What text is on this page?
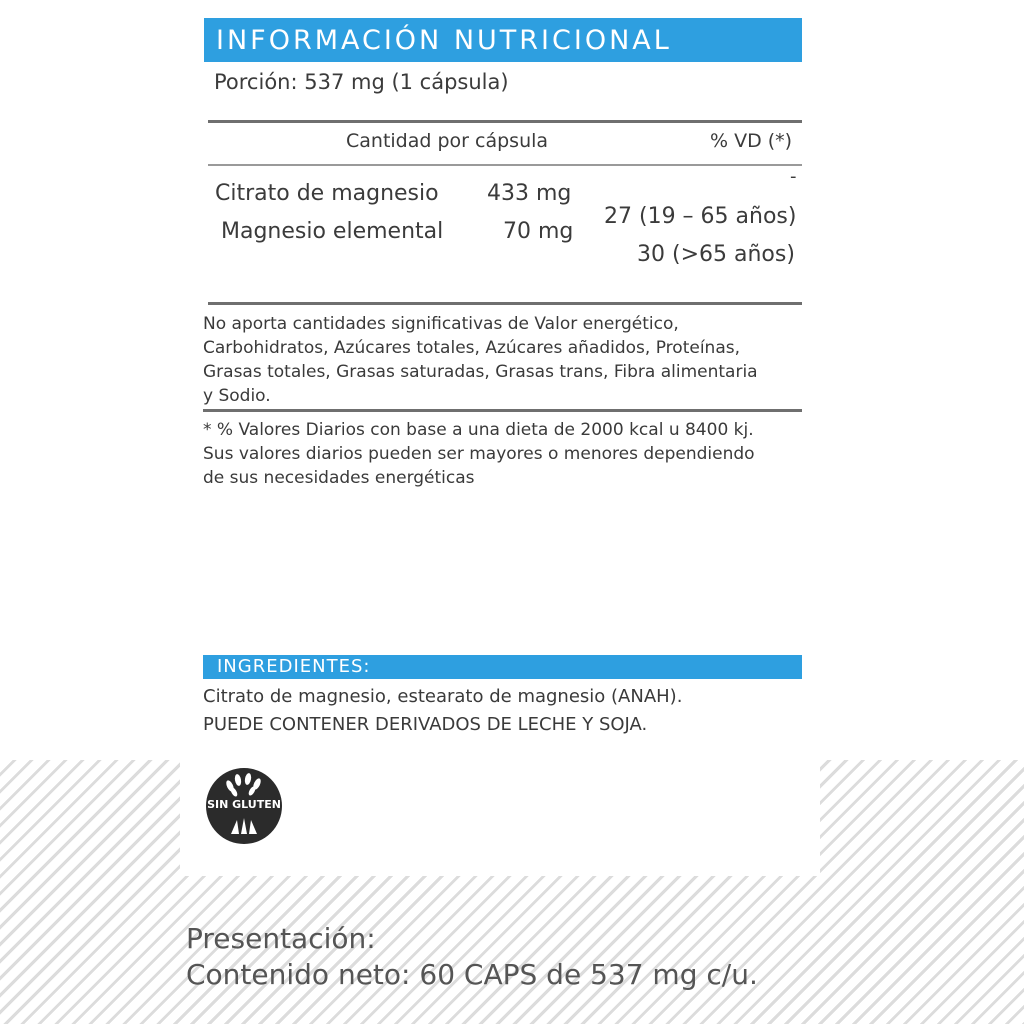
INFORMACIÓN NUTRICIONAL
Porción: 537 mg (1 cápsula)
Cantidad por cápsula	% VD (*)
Citrato de magnesio 433 mg
-
Magnesio elemental	70 mg
27 (19 – 65 años)
30 (>65 años)
No aporta cantidades significativas de Valor energético,
Carbohidratos, Azúcares totales, Azúcares añadidos, Proteínas,
Grasas totales, Grasas saturadas, Grasas trans, Fibra alimentaria
y Sodio.
* % Valores Diarios con base a una dieta de 2000 kcal u 8400 kj.
Sus valores diarios pueden ser mayores o menores dependiendo
de sus necesidades energéticas
INGREDIENTES:
Citrato de magnesio, estearato de magnesio (ANAH).
PUEDE CONTENER DERIVADOS DE LECHE Y SOJA.
SIN GLUTEN
Presentación:
Contenido neto: 60 CAPS de 537 mg c/u.
